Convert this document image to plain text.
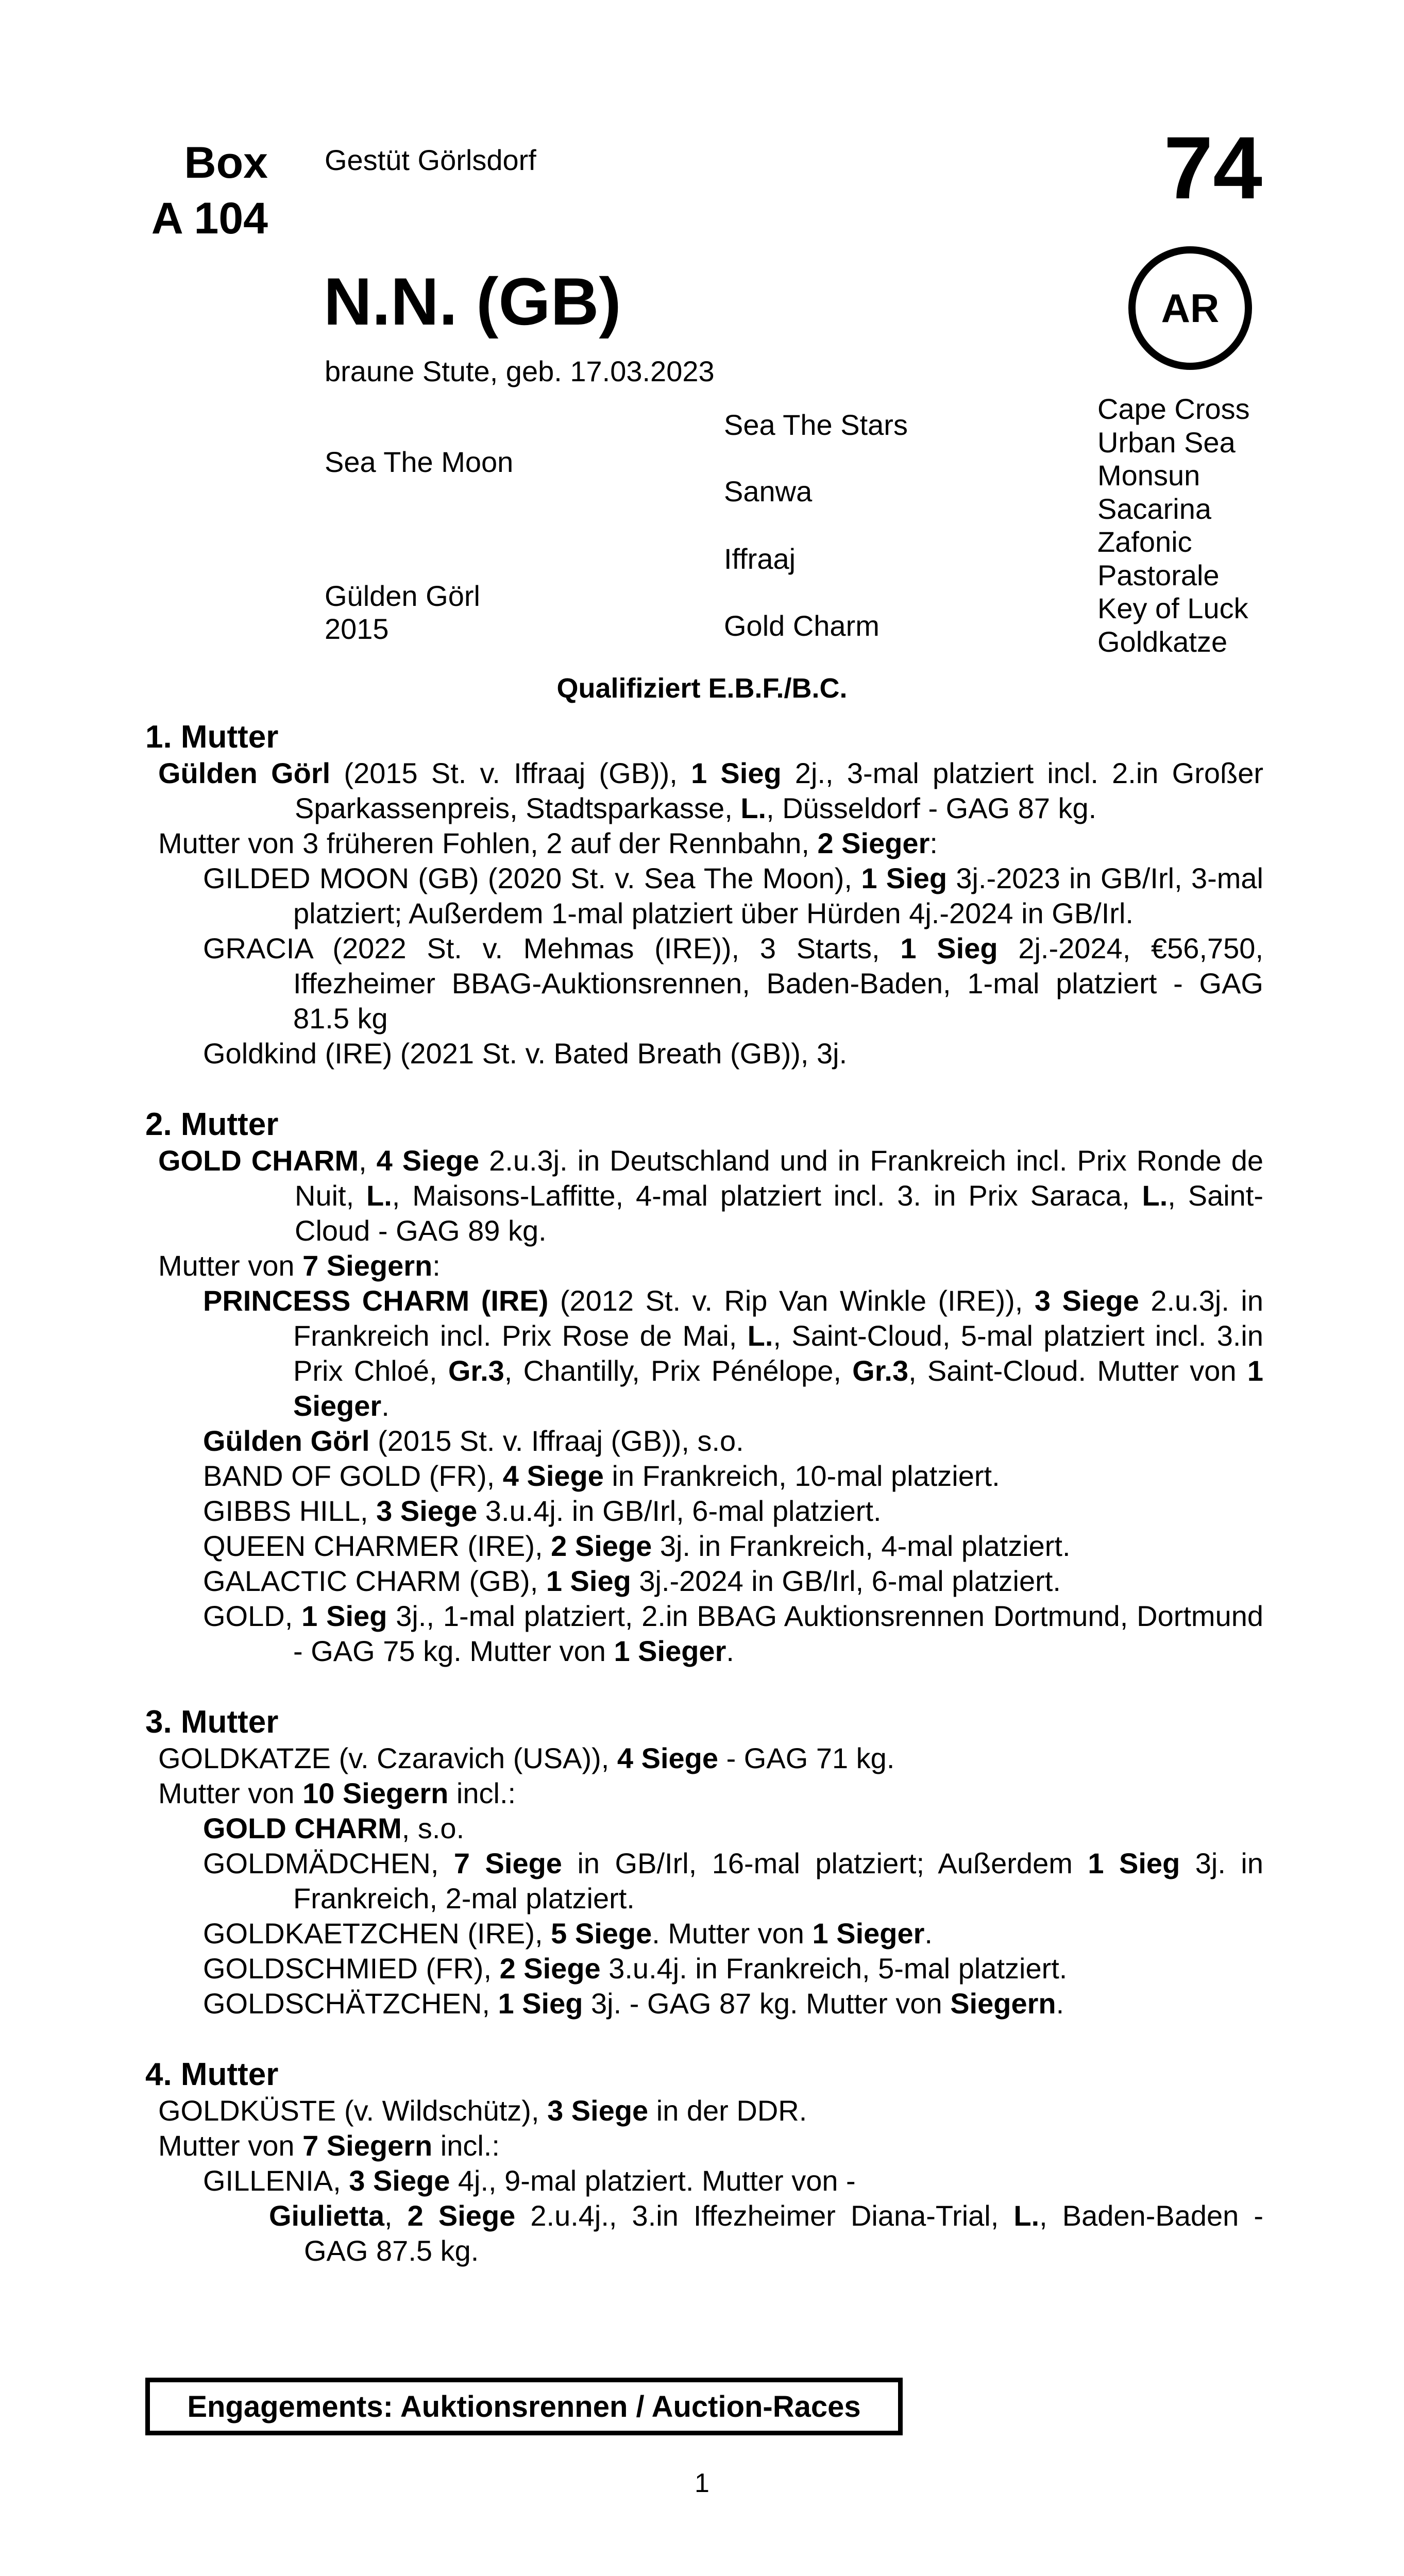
Box
A 104
Gestüt Görlsdorf	74
AR
N.N. (GB)
braune Stute, geb. 17.03.2023
Sea The Moon
Gülden Görl
2015
Sea The Stars
Sanwa
Iffraaj
Gold Charm
Cape Cross
Urban Sea
Monsun
Sacarina
Zafonic
Pastorale
Key of Luck
Goldkatze
Qualifiziert E.B.F./B.C.
1. Mutter
Gülden Görl (2015 St. v. Iffraaj (GB)), 1 Sieg 2j., 3-mal platziert incl. 2.in Großer Sparkassenpreis, Stadtsparkasse, L., Düsseldorf - GAG 87 kg.
Mutter von 3 früheren Fohlen, 2 auf der Rennbahn, 2 Sieger:
GILDED MOON (GB) (2020 St. v. Sea The Moon), 1 Sieg 3j.-2023 in GB/Irl, 3-mal platziert; Außerdem 1-mal platziert über Hürden 4j.-2024 in GB/Irl.
GRACIA (2022 St. v. Mehmas (IRE)), 3 Starts, 1 Sieg 2j.-2024, €56,750, Iffezheimer BBAG-Auktionsrennen, Baden-Baden, 1-mal platziert - GAG 81.5 kg
Goldkind (IRE) (2021 St. v. Bated Breath (GB)), 3j.
2. Mutter
GOLD CHARM, 4 Siege 2.u.3j. in Deutschland und in Frankreich incl. Prix Ronde de Nuit, L., Maisons-Laffitte, 4-mal platziert incl. 3. in Prix Saraca, L., Saint-Cloud - GAG 89 kg.
Mutter von 7 Siegern:
PRINCESS CHARM (IRE) (2012 St. v. Rip Van Winkle (IRE)), 3 Siege 2.u.3j. in Frankreich incl. Prix Rose de Mai, L., Saint-Cloud, 5-mal platziert incl. 3.in Prix Chloé, Gr.3, Chantilly, Prix Pénélope, Gr.3, Saint-Cloud. Mutter von 1 Sieger.
Gülden Görl (2015 St. v. Iffraaj (GB)), s.o.
BAND OF GOLD (FR), 4 Siege in Frankreich, 10-mal platziert.
GIBBS HILL, 3 Siege 3.u.4j. in GB/Irl, 6-mal platziert.
QUEEN CHARMER (IRE), 2 Siege 3j. in Frankreich, 4-mal platziert.
GALACTIC CHARM (GB), 1 Sieg 3j.-2024 in GB/Irl, 6-mal platziert.
GOLD, 1 Sieg 3j., 1-mal platziert, 2.in BBAG Auktionsrennen Dortmund, Dortmund - GAG 75 kg. Mutter von 1 Sieger.
3. Mutter
GOLDKATZE (v. Czaravich (USA)), 4 Siege - GAG 71 kg.
Mutter von 10 Siegern incl.:
GOLD CHARM, s.o.
GOLDMÄDCHEN, 7 Siege in GB/Irl, 16-mal platziert; Außerdem 1 Sieg 3j. in Frankreich, 2-mal platziert.
GOLDKAETZCHEN (IRE), 5 Siege. Mutter von 1 Sieger.
GOLDSCHMIED (FR), 2 Siege 3.u.4j. in Frankreich, 5-mal platziert.
GOLDSCHÄTZCHEN, 1 Sieg 3j. - GAG 87 kg. Mutter von Siegern.
4. Mutter
GOLDKÜSTE (v. Wildschütz), 3 Siege in der DDR.
Mutter von 7 Siegern incl.:
GILLENIA, 3 Siege 4j., 9-mal platziert. Mutter von -
Giulietta, 2 Siege 2.u.4j., 3.in Iffezheimer Diana-Trial, L., Baden-Baden - GAG 87.5 kg.
Engagements: Auktionsrennen / Auction-Races
1
